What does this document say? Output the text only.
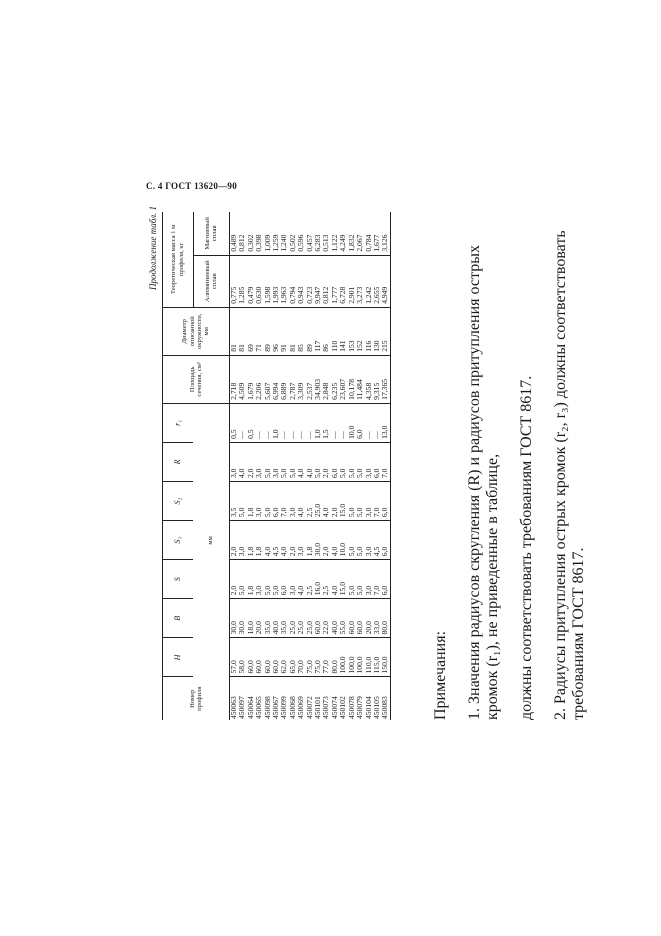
С. 4 ГОСТ 13620—90
Продолжение табл. 1
Номер профиля	H	B	S	S₁	S₂	R	r₁	Площадь сечения, см²	Диаметр описанной окружности, мм	Теоретическая масса 1 м профиля, кг	
	мм									Алюминиевый сплав	Магниевый сплав
450063	57,0	30,0	2,0	2,0	3,5	3,0	0,5	2,718	81	0,775	0,489
450097	58,0	30,0	5,0	3,0	5,0	4,0	—	4,509	81	1,285	0,812
450064	60,0	18,0	1,8	1,8	1,8	2,0	0,5	1,679	69	0,479	0,302
450065	60,0	20,0	3,0	1,8	3,0	3,0	—	2,206	71	0,630	0,398
450098	60,0	35,0	5,0	4,0	5,0	5,0	—	5,607	89	1,598	1,009
450067	60,0	40,0	5,0	4,5	6,0	3,0	1,0	6,994	96	1,993	1,259
450099	62,0	35,0	6,0	4,0	7,0	5,0	—	6,889	91	1,963	1,240
450068	65,0	25,0	3,0	2,0	3,0	5,0	—	2,787	81	0,794	0,502
450069	70,0	25,0	4,0	3,0	4,0	4,0	—	3,309	85	0,943	0,596
450072	75,0	25,0	2,5	1,8	2,5	4,0	—	2,537	89	0,723	0,457
450101	75,0	60,0	16,0	30,0	25,0	5,0	1,0	34,903	117	9,947	6,283
450073	77,0	22,0	2,5	2,0	4,0	2,0	1,5	2,848	86	0,812	0,513
450074	80,0	40,0	4,0	4,0	2,0	6,0	—	6,235	110	1,777	1,122
450102	100,0	55,0	15,0	10,0	15,0	5,0	—	23,607	141	6,728	4,249
450078	100,0	60,0	5,0	5,0	5,0	5,0	10,0	10,178	153	2,901	1,832
450079	100,0	60,0	5,0	5,0	5,0	5,0	6,0	11,484	152	3,273	2,067
450104	110,0	20,0	3,0	3,0	3,0	3,0	—	4,358	116	1,242	0,784
450105	115,0	33,0	7,0	4,5	7,0	6,0	—	9,315	130	2,655	1,677
450083	150,0	80,0	6,0	6,0	6,0	7,0	13,0	17,365	215	4,949	3,126

Примечания: 1. Значения радиусов скругления (R) и радиусов притупления острых кромок (r₁), не приведенные в таблице, должны соответствовать требованиям ГОСТ 8617. 2. Радиусы притупления острых кромок (r₂, r₃) должны соответствовать требованиям ГОСТ 8617.
